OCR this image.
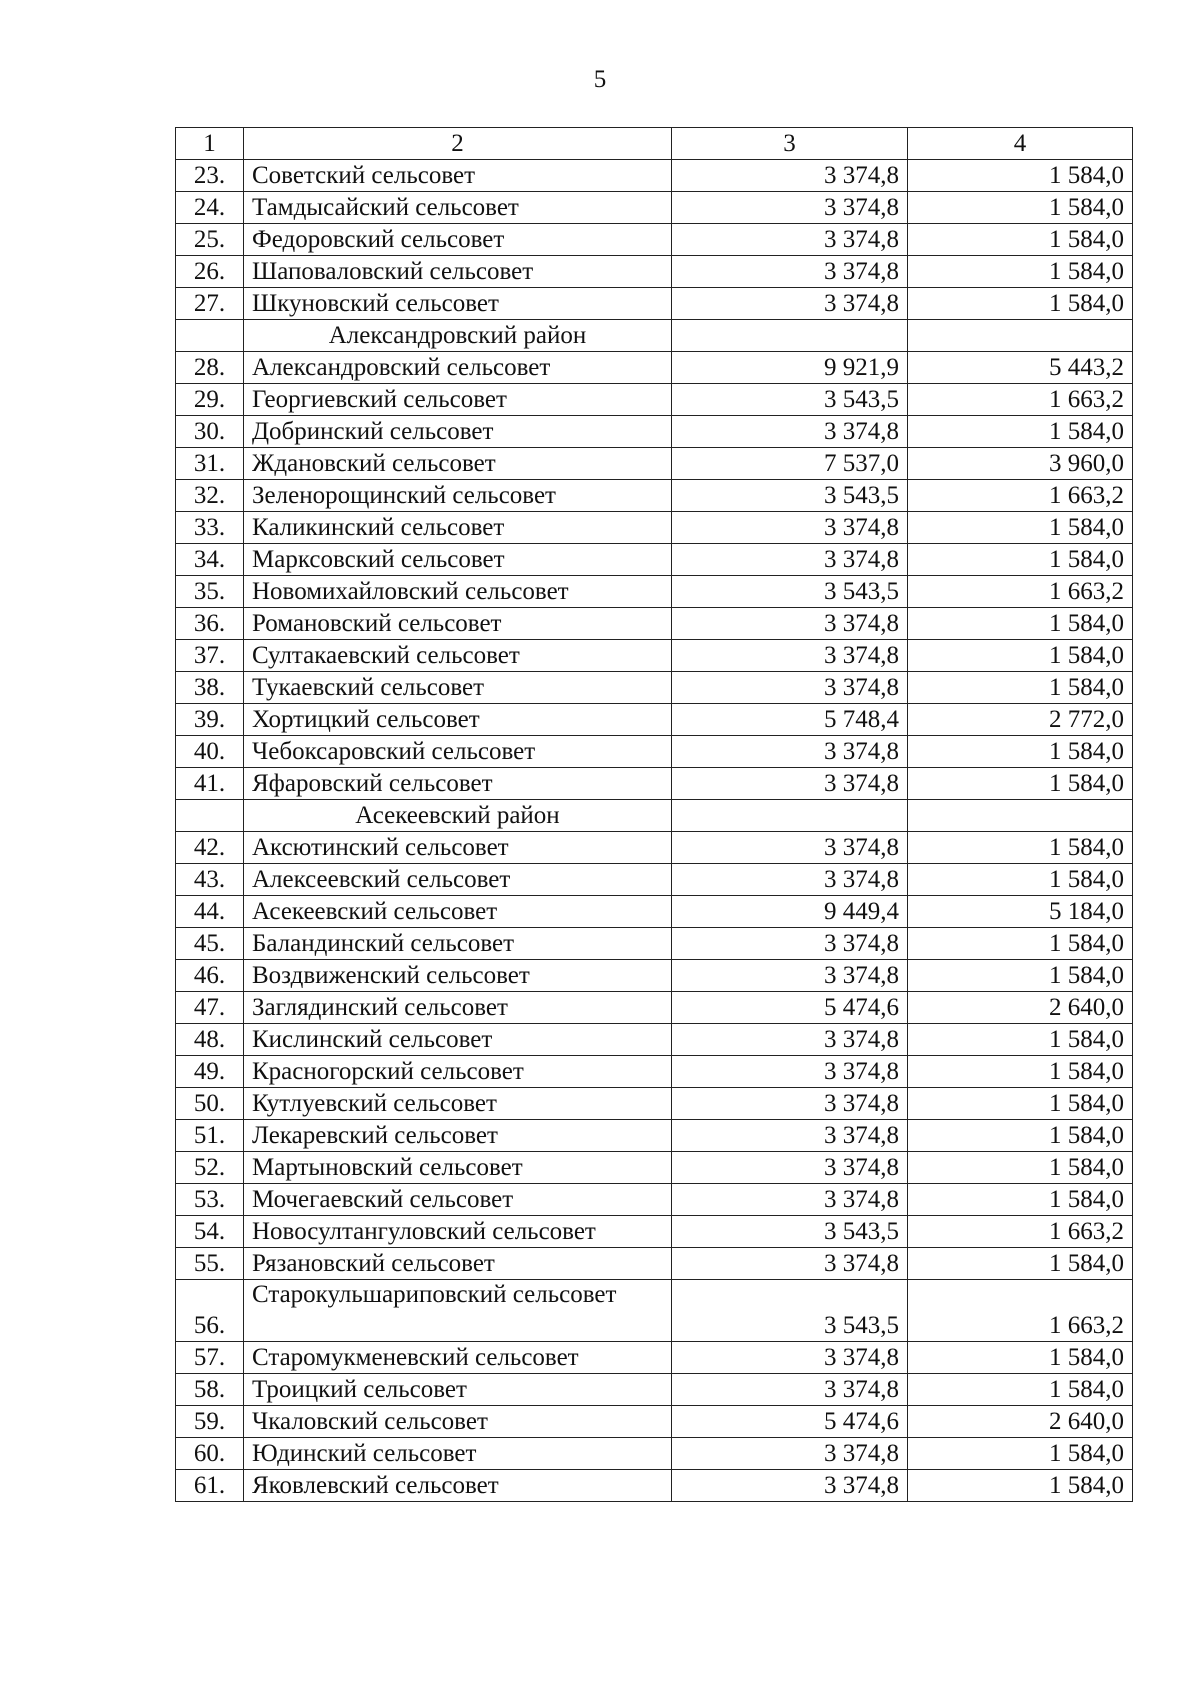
5
1	2	3	4
23.	Советский сельсовет	3 374,8	1 584,0
24.	Тамдысайский сельсовет	3 374,8	1 584,0
25.	Федоровский сельсовет	3 374,8	1 584,0
26.	Шаповаловский сельсовет	3 374,8	1 584,0
27.	Шкуновский сельсовет	3 374,8	1 584,0
	Александровский район		
28.	Александровский сельсовет	9 921,9	5 443,2
29.	Георгиевский сельсовет	3 543,5	1 663,2
30.	Добринский сельсовет	3 374,8	1 584,0
31.	Ждановский сельсовет	7 537,0	3 960,0
32.	Зеленорощинский сельсовет	3 543,5	1 663,2
33.	Каликинский сельсовет	3 374,8	1 584,0
34.	Марксовский сельсовет	3 374,8	1 584,0
35.	Новомихайловский сельсовет	3 543,5	1 663,2
36.	Романовский сельсовет	3 374,8	1 584,0
37.	Султакаевский сельсовет	3 374,8	1 584,0
38.	Тукаевский сельсовет	3 374,8	1 584,0
39.	Хортицкий сельсовет	5 748,4	2 772,0
40.	Чебоксаровский сельсовет	3 374,8	1 584,0
41.	Яфаровский сельсовет	3 374,8	1 584,0
	Асекеевский район		
42.	Аксютинский сельсовет	3 374,8	1 584,0
43.	Алексеевский сельсовет	3 374,8	1 584,0
44.	Асекеевский сельсовет	9 449,4	5 184,0
45.	Баландинский сельсовет	3 374,8	1 584,0
46.	Воздвиженский сельсовет	3 374,8	1 584,0
47.	Заглядинский сельсовет	5 474,6	2 640,0
48.	Кислинский сельсовет	3 374,8	1 584,0
49.	Красногорский сельсовет	3 374,8	1 584,0
50.	Кутлуевский сельсовет	3 374,8	1 584,0
51.	Лекаревский сельсовет	3 374,8	1 584,0
52.	Мартыновский сельсовет	3 374,8	1 584,0
53.	Мочегаевский сельсовет	3 374,8	1 584,0
54.	Новосултангуловский сельсовет	3 543,5	1 663,2
55.	Рязановский сельсовет	3 374,8	1 584,0
56.	Старокульшариповский сельсовет	3 543,5	1 663,2
57.	Старомукменевский сельсовет	3 374,8	1 584,0
58.	Троицкий сельсовет	3 374,8	1 584,0
59.	Чкаловский сельсовет	5 474,6	2 640,0
60.	Юдинский сельсовет	3 374,8	1 584,0
61.	Яковлевский сельсовет	3 374,8	1 584,0
